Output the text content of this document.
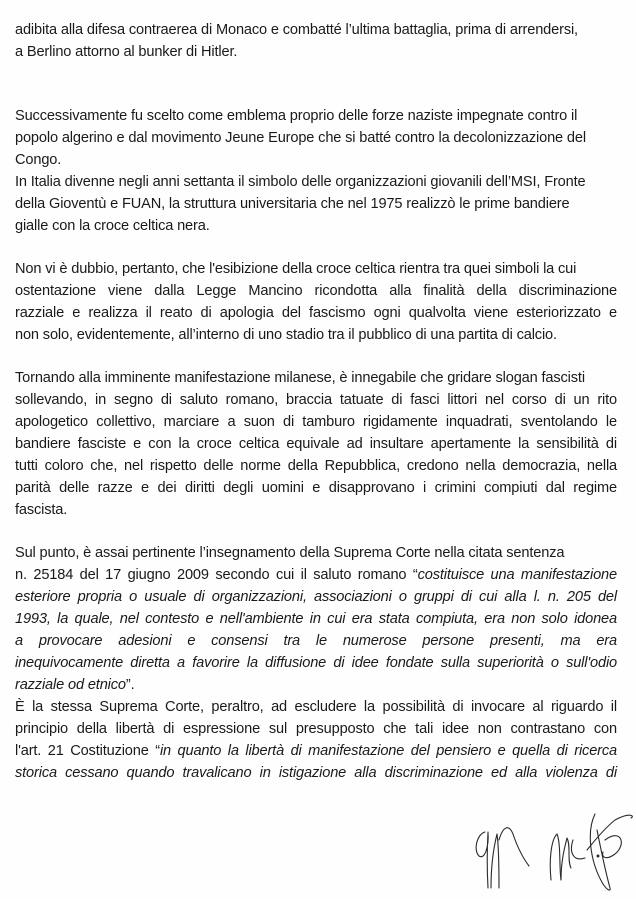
adibita alla difesa contraerea di Monaco e combatté l’ultima battaglia, prima di arrendersi,
a Berlino attorno al bunker di Hitler.
Successivamente fu scelto come emblema proprio delle forze naziste impegnate contro il
popolo algerino e dal movimento Jeune Europe che si batté contro la decolonizzazione del
Congo.
In Italia divenne negli anni settanta il simbolo delle organizzazioni giovanili dell’MSI, Fronte
della Gioventù e FUAN, la struttura universitaria che nel 1975 realizzò le prime bandiere
gialle con la croce celtica nera.
Non vi è dubbio, pertanto, che l'esibizione della croce celtica rientra tra quei simboli la cui
ostentazione viene dalla Legge Mancino ricondotta alla finalità della discriminazione
razziale e realizza il reato di apologia del fascismo ogni qualvolta viene esteriorizzato e
non solo, evidentemente, all’interno di uno stadio tra il pubblico di una partita di calcio.
Tornando alla imminente manifestazione milanese, è innegabile che gridare slogan fascisti
sollevando, in segno di saluto romano, braccia tatuate di fasci littori nel corso di un rito
apologetico collettivo, marciare a suon di tamburo rigidamente inquadrati, sventolando le
bandiere fasciste e con la croce celtica equivale ad insultare apertamente la sensibilità di
tutti coloro che, nel rispetto delle norme della Repubblica, credono nella democrazia, nella
parità delle razze e dei diritti degli uomini e disapprovano i crimini compiuti dal regime
fascista.
Sul punto, è assai pertinente l’insegnamento della Suprema Corte nella citata sentenza
n. 25184 del 17 giugno 2009 secondo cui il saluto romano “costituisce una manifestazione
esteriore propria o usuale di organizzazioni, associazioni o gruppi di cui alla l. n. 205 del
1993, la quale, nel contesto e nell'ambiente in cui era stata compiuta, era non solo idonea
a provocare adesioni e consensi tra le numerose persone presenti, ma era
inequivocamente diretta a favorire la diffusione di idee fondate sulla superiorità o sull'odio
razziale od etnico”.
È la stessa Suprema Corte, peraltro, ad escludere la possibilità di invocare al riguardo il
principio della libertà di espressione sul presupposto che tali idee non contrastano con
l'art. 21 Costituzione “in quanto la libertà di manifestazione del pensiero e quella di ricerca
storica cessano quando travalicano in istigazione alla discriminazione ed alla violenza di
